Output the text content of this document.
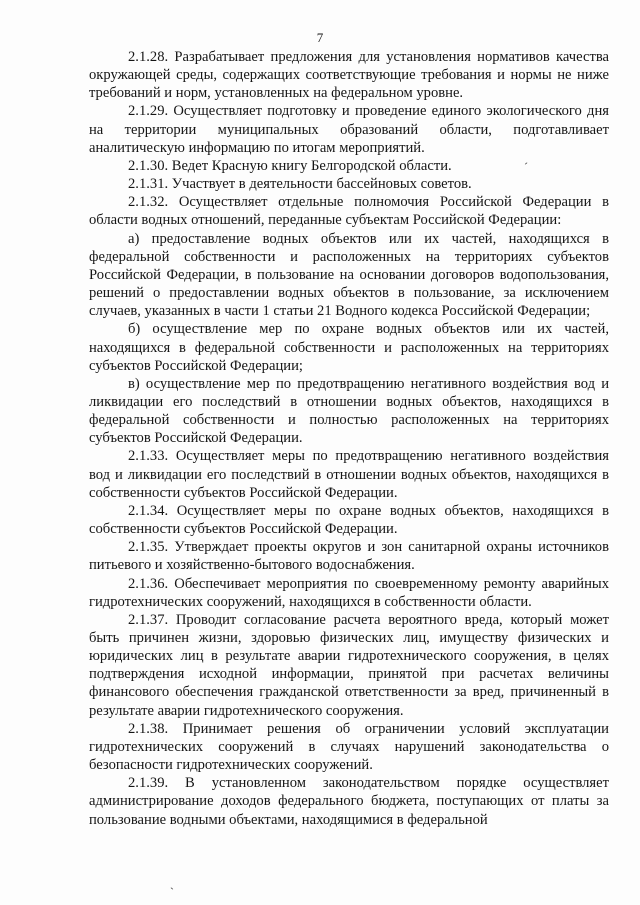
7

2.1.28. Разрабатывает предложения для установления нормативов качества окружающей среды, содержащих соответствующие требования и нормы не ниже требований и норм, установленных на федеральном уровне.

2.1.29. Осуществляет подготовку и проведение единого экологического дня на территории муниципальных образований области, подготавливает аналитическую информацию по итогам мероприятий.

2.1.30. Ведет Красную книгу Белгородской области.

2.1.31. Участвует в деятельности бассейновых советов.

2.1.32. Осуществляет отдельные полномочия Российской Федерации в области водных отношений, переданные субъектам Российской Федерации:

а) предоставление водных объектов или их частей, находящихся в федеральной собственности и расположенных на территориях субъектов Российской Федерации, в пользование на основании договоров водопользования, решений о предоставлении водных объектов в пользование, за исключением случаев, указанных в части 1 статьи 21 Водного кодекса Российской Федерации;

б) осуществление мер по охране водных объектов или их частей, находящихся в федеральной собственности и расположенных на территориях субъектов Российской Федерации;

в) осуществление мер по предотвращению негативного воздействия вод и ликвидации его последствий в отношении водных объектов, находящихся в федеральной собственности и полностью расположенных на территориях субъектов Российской Федерации.

2.1.33. Осуществляет меры по предотвращению негативного воздействия вод и ликвидации его последствий в отношении водных объектов, находящихся в собственности субъектов Российской Федерации.

2.1.34. Осуществляет меры по охране водных объектов, находящихся в собственности субъектов Российской Федерации.

2.1.35. Утверждает проекты округов и зон санитарной охраны источников питьевого и хозяйственно-бытового водоснабжения.

2.1.36. Обеспечивает мероприятия по своевременному ремонту аварийных гидротехнических сооружений, находящихся в собственности области.

2.1.37. Проводит согласование расчета вероятного вреда, который может быть причинен жизни, здоровью физических лиц, имуществу физических и юридических лиц в результате аварии гидротехнического сооружения, в целях подтверждения исходной информации, принятой при расчетах величины финансового обеспечения гражданской ответственности за вред, причиненный в результате аварии гидротехнического сооружения.

2.1.38. Принимает решения об ограничении условий эксплуатации гидротехнических сооружений в случаях нарушений законодательства о безопасности гидротехнических сооружений.

2.1.39. В установленном законодательством порядке осуществляет администрирование доходов федерального бюджета, поступающих от платы за пользование водными объектами, находящимися в федеральной

ˊ
ˏ
